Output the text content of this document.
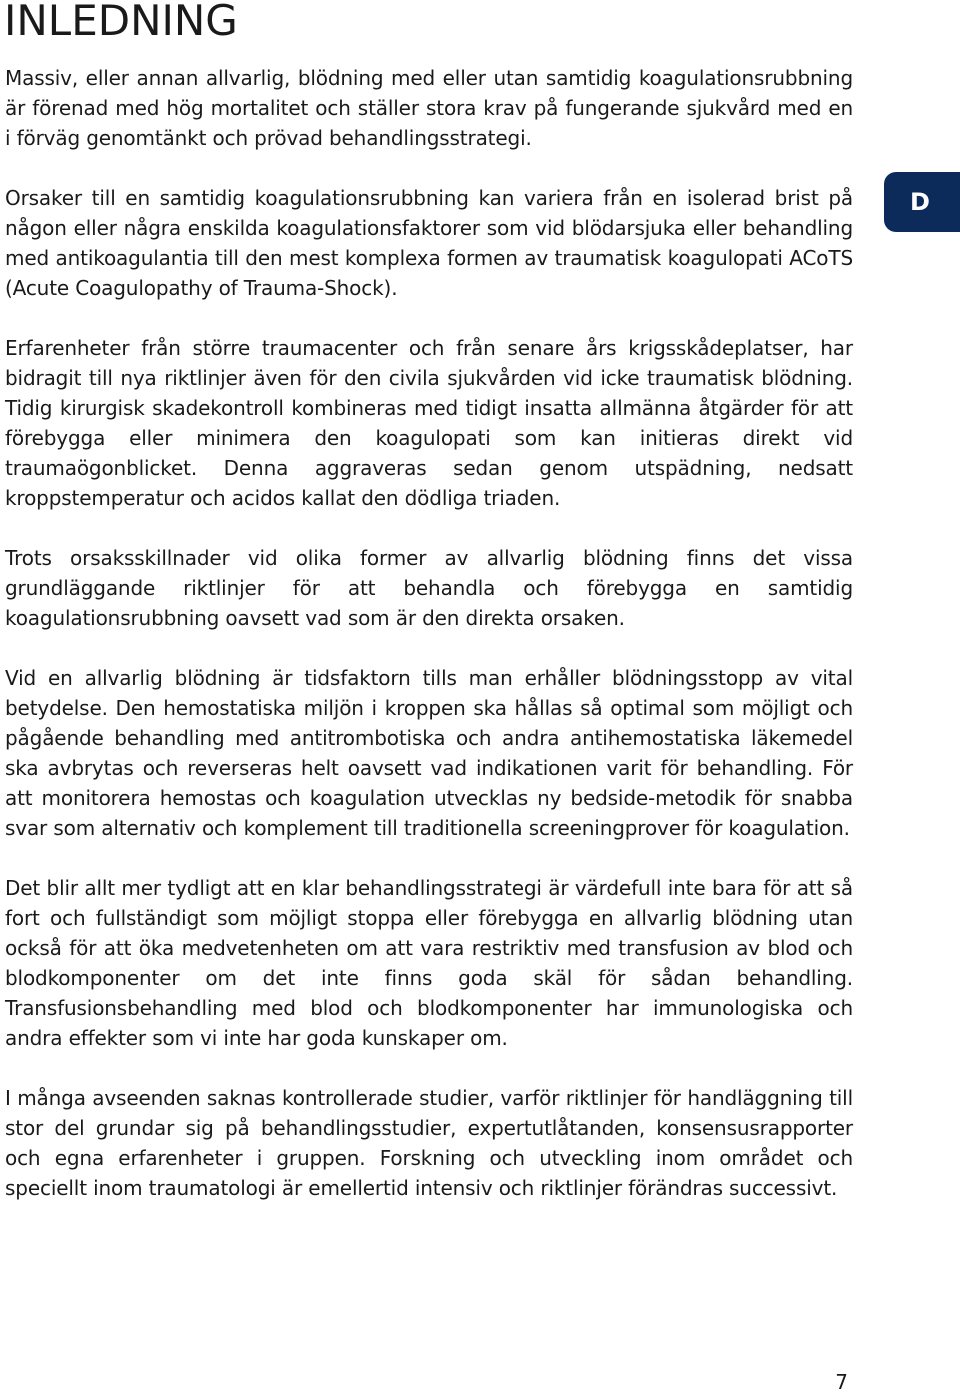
INLEDNING
D

Massiv, eller annan allvarlig, blödning med eller utan samtidig koagulationsrubbning är förenad med hög mortalitet och ställer stora krav på fungerande sjukvård med en i förväg genomtänkt och prövad behandlingsstrategi.

Orsaker till en samtidig koagulationsrubbning kan variera från en isolerad brist på någon eller några enskilda koagulationsfaktorer som vid blödarsjuka eller behandling med antikoagulantia till den mest komplexa formen av traumatisk koagulopati ACoTS (Acute Coagulopathy of Trauma-Shock).

Erfarenheter från större traumacenter och från senare års krigsskådeplatser, har bidragit till nya riktlinjer även för den civila sjukvården vid icke traumatisk blödning. Tidig kirurgisk skadekontroll kombineras med tidigt insatta allmänna åtgärder för att förebygga eller minimera den koagulopati som kan initieras direkt vid traumaögonblicket. Denna aggraveras sedan genom utspädning, nedsatt kroppstemperatur och acidos kallat den dödliga triaden.

Trots orsaksskillnader vid olika former av allvarlig blödning finns det vissa grundläggande riktlinjer för att behandla och förebygga en samtidig koagulationsrubbning oavsett vad som är den direkta orsaken.

Vid en allvarlig blödning är tidsfaktorn tills man erhåller blödningsstopp av vital betydelse. Den hemostatiska miljön i kroppen ska hållas så optimal som möjligt och pågående behandling med antitrombotiska och andra antihemostatiska läkemedel ska avbrytas och reverseras helt oavsett vad indikationen varit för behandling. För att monitorera hemostas och koagulation utvecklas ny bedside-metodik för snabba svar som alternativ och komplement till traditionella screeningprover för koagulation.

Det blir allt mer tydligt att en klar behandlingsstrategi är värdefull inte bara för att så fort och fullständigt som möjligt stoppa eller förebygga en allvarlig blödning utan också för att öka medvetenheten om att vara restriktiv med transfusion av blod och blodkomponenter om det inte finns goda skäl för sådan behandling. Transfusionsbehandling med blod och blodkomponenter har immunologiska och andra effekter som vi inte har goda kunskaper om.

I många avseenden saknas kontrollerade studier, varför riktlinjer för handläggning till stor del grundar sig på behandlingsstudier, expertutlåtanden, konsensusrapporter och egna erfarenheter i gruppen. Forskning och utveckling inom området och speciellt inom traumatologi är emellertid intensiv och riktlinjer förändras successivt.

7
